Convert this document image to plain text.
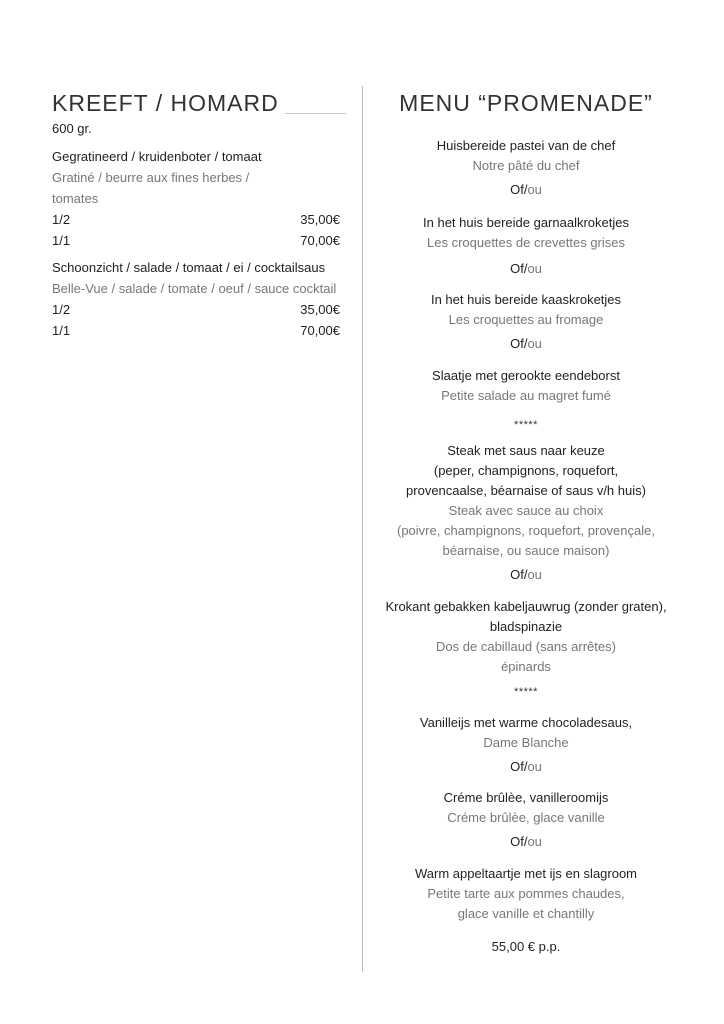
KREEFT / HOMARD
600 gr.
Gegratineerd / kruidenboter / tomaat
Gratiné / beurre aux fines herbes /
tomates
1/2	35,00€
1/1	70,00€
Schoonzicht / salade / tomaat / ei / cocktailsaus
Belle-Vue / salade / tomate / oeuf / sauce cocktail
1/2	35,00€
1/1	70,00€
MENU “PROMENADE”
Huisbereide pastei van de chef
Notre pâté du chef
Of/ou
In het huis bereide garnaalkroketjes
Les croquettes de crevettes grises
Of/ou
In het huis bereide kaaskroketjes
Les croquettes au fromage
Of/ou
Slaatje met gerookte eendeborst
Petite salade au magret fumé
*****
Steak met saus naar keuze
(peper, champignons, roquefort,
provencaalse, béarnaise of saus v/h huis)
Steak avec sauce au choix
(poivre, champignons, roquefort, provençale,
béarnaise, ou sauce maison)
Of/ou
Krokant gebakken kabeljauwrug (zonder graten),
bladspinazie
Dos de cabillaud (sans arrêtes)
épinards
*****
Vanilleijs met warme chocoladesaus,
Dame Blanche
Of/ou
Créme brûlèe, vanilleroomijs
Créme brûlèe, glace vanille
Of/ou
Warm appeltaartje met ijs en slagroom
Petite tarte aux pommes chaudes,
glace vanille et chantilly
55,00 € p.p.
